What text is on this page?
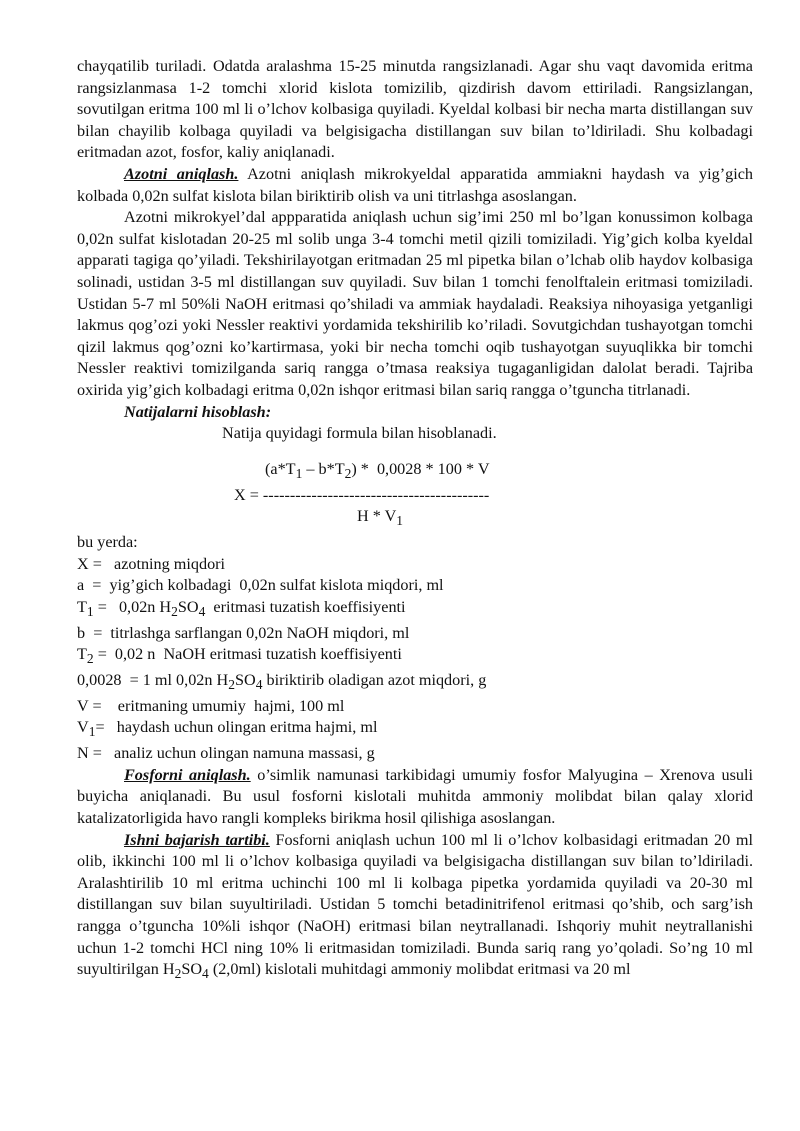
chayqatilib turiladi. Odatda aralashma 15-25 minutda rangsizlanadi. Agar shu vaqt davomida eritma rangsizlanmasa 1-2 tomchi xlorid kislota tomizilib, qizdirish davom ettiriladi. Rangsizlangan, sovutilgan eritma 100 ml li o’lchov kolbasiga quyiladi. Kyeldal kolbasi bir necha marta distillangan suv bilan chayilib kolbaga quyiladi va belgisigacha distillangan suv bilan to’ldiriladi. Shu kolbadagi eritmadan azot, fosfor, kaliy aniqlanadi.

Azotni aniqlash. Azotni aniqlash mikrokyeldal apparatida ammiakni haydash va yig’gich kolbada 0,02n sulfat kislota bilan biriktirib olish va uni titrlashga asoslangan.

Azotni mikrokyel’dal appparatida aniqlash uchun sig’imi 250 ml bo’lgan konussimon kolbaga 0,02n sulfat kislotadan 20-25 ml solib unga 3-4 tomchi metil qizili tomiziladi. Yig’gich kolba kyeldal apparati tagiga qo’yiladi. Tekshirilayotgan eritmadan 25 ml pipetka bilan o’lchab olib haydov kolbasiga solinadi, ustidan 3-5 ml distillangan suv quyiladi. Suv bilan 1 tomchi fenolftalein eritmasi tomiziladi. Ustidan 5-7 ml 50%li NaOH eritmasi qo’shiladi va ammiak haydaladi. Reaksiya nihoyasiga yetganligi lakmus qog’ozi yoki Nessler reaktivi yordamida tekshirilib ko’riladi. Sovutgichdan tushayotgan tomchi qizil lakmus qog’ozni ko’kartirmasa, yoki bir necha tomchi oqib tushayotgan suyuqlikka bir tomchi Nessler reaktivi tomizilganda sariq rangga o’tmasa reaksiya tugaganligidan dalolat beradi. Tajriba oxirida yig’gich kolbadagi eritma 0,02n ishqor eritmasi bilan sariq rangga o’tguncha titrlanadi.

Natijalarni hisoblash:

Natija quyidagi formula bilan hisoblanadi.

$(a*T_1 - b*T_2) * 0,0028 * 100$ * V

X = ------------------------------------------

H * $V_1$

bu yerda:

X =   azotning miqdori

a  =  yig’gich kolbadagi  0,02n sulfat kislota miqdori, ml

$T_1 = 0,02n$ $H_2SO_4$  eritmasi tuzatish koeffisiyenti

b  =  titrlashga sarflangan 0,02n NaOH miqdori, ml

$T_2 = 0,02$ n  NaOH eritmasi tuzatish koeffisiyenti

0,0028  = 1 ml 0,02n $H_2SO_4$ biriktirib oladigan azot miqdori, g

V =    eritmaning umumiy  hajmi, 100 ml

$V_1=$   haydash uchun olingan eritma hajmi, ml

N =   analiz uchun olingan namuna massasi, g

Fosforni aniqlash. o’simlik namunasi tarkibidagi umumiy fosfor Malyugina – Xrenova usuli buyicha aniqlanadi. Bu usul fosforni kislotali muhitda ammoniy molibdat bilan qalay xlorid katalizatorligida havo rangli kompleks birikma hosil qilishiga asoslangan.

Ishni bajarish tartibi. Fosforni aniqlash uchun 100 ml li o’lchov kolbasidagi eritmadan 20 ml olib, ikkinchi 100 ml li o’lchov kolbasiga quyiladi va belgisigacha distillangan suv bilan to’ldiriladi. Aralashtirilib 10 ml eritma uchinchi 100 ml li kolbaga pipetka yordamida quyiladi va 20-30 ml distillangan suv bilan suyultiriladi. Ustidan 5 tomchi betadinitrifenol eritmasi qo’shib, och sarg’ish rangga o’tguncha 10%li ishqor (NaOH) eritmasi bilan neytrallanadi. Ishqoriy muhit neytrallanishi uchun 1-2 tomchi HCl ning 10% li eritmasidan tomiziladi. Bunda sariq rang yo’qoladi. So’ng 10 ml suyultirilgan $H_2SO_4$ (2,0ml) kislotali muhitdagi ammoniy molibdat eritmasi va 20 ml
